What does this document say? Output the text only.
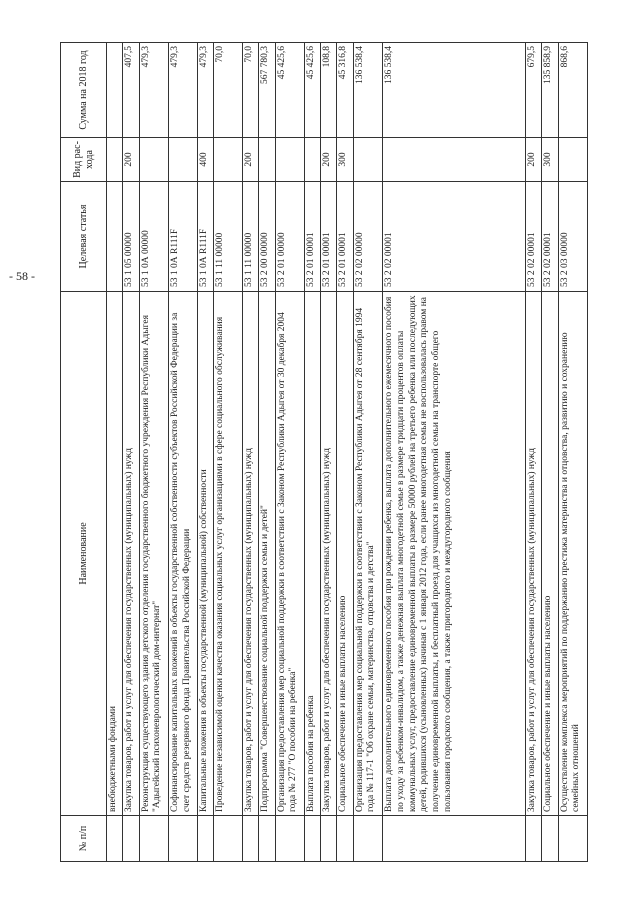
- 58 -
№ п/п	Наименование	Целевая статья	Вид рас-хода	Сумма на 2018 год
	внебюджетными фондами			
	Закупка товаров, работ и услуг для обеспечения государственных (муниципальных) нужд	53 1 05 00000	200	407,5
	Реконструкция существующего здания детского отделения государственного бюджетного учреждения Республики Адыгея "Адыгейский психоневрологический дом-интернат"	53 1 0А 00000		479,3
	Софинансирование капитальных вложений в объекты государственной собственности субъектов Российской Федерации за счет средств резервного фонда Правительства Российской Федерации	53 1 0А R111F		479,3
	Капитальные вложения в объекты государственной (муниципальной) собственности	53 1 0А R111F	400	479,3
	Проведение независимой оценки качества оказания социальных услуг организациями в сфере социального обслуживания	53 1 11 00000		70,0
	Закупка товаров, работ и услуг для обеспечения государственных (муниципальных) нужд	53 1 11 00000	200	70,0
	Подпрограмма "Совершенствование социальной поддержки семьи и детей"	53 2 00 00000		567 780,3
	Организация предоставления мер социальной поддержки в соответствии с Законом Республики Адыгея от 30 декабря 2004 года № 277 "О пособии на ребенка"	53 2 01 00000		45 425,6
	Выплата пособия на ребенка	53 2 01 00001		45 425,6
	Закупка товаров, работ и услуг для обеспечения государственных (муниципальных) нужд	53 2 01 00001	200	108,8
	Социальное обеспечение и иные выплаты населению	53 2 01 00001	300	45 316,8
	Организация предоставления мер социальной поддержки в соответствии с Законом Республики Адыгея от 28 сентября 1994 года № 117-1 "Об охране семьи, материнства, отцовства и детства"	53 2 02 00000		136 538,4
	Выплата дополнительного единовременного пособия при рождении ребенка, выплата дополнительного ежемесячного пособия по уходу за ребенком-инвалидом, а также денежная выплата многодетной семье в размере тридцати процентов оплаты коммунальных услуг, предоставление единовременной выплаты в размере 50000 рублей на третьего ребенка или последующих детей, родившихся (усыновленных) начиная с 1 января 2012 года, если ранее многодетная семья не воспользовалась правом на получение единовременной выплаты, и бесплатный проезд для учащихся из многодетной семьи на транспорте общего пользования городского сообщения, а также пригородного и междугородного сообщения	53 2 02 00001		136 538,4
	Закупка товаров, работ и услуг для обеспечения государственных (муниципальных) нужд	53 2 02 00001	200	679,5
	Социальное обеспечение и иные выплаты населению	53 2 02 00001	300	135 858,9
	Осуществление комплекса мероприятий по поддержанию престижа материнства и отцовства, развитию и сохранению семейных отношений	53 2 03 00000		868,6
